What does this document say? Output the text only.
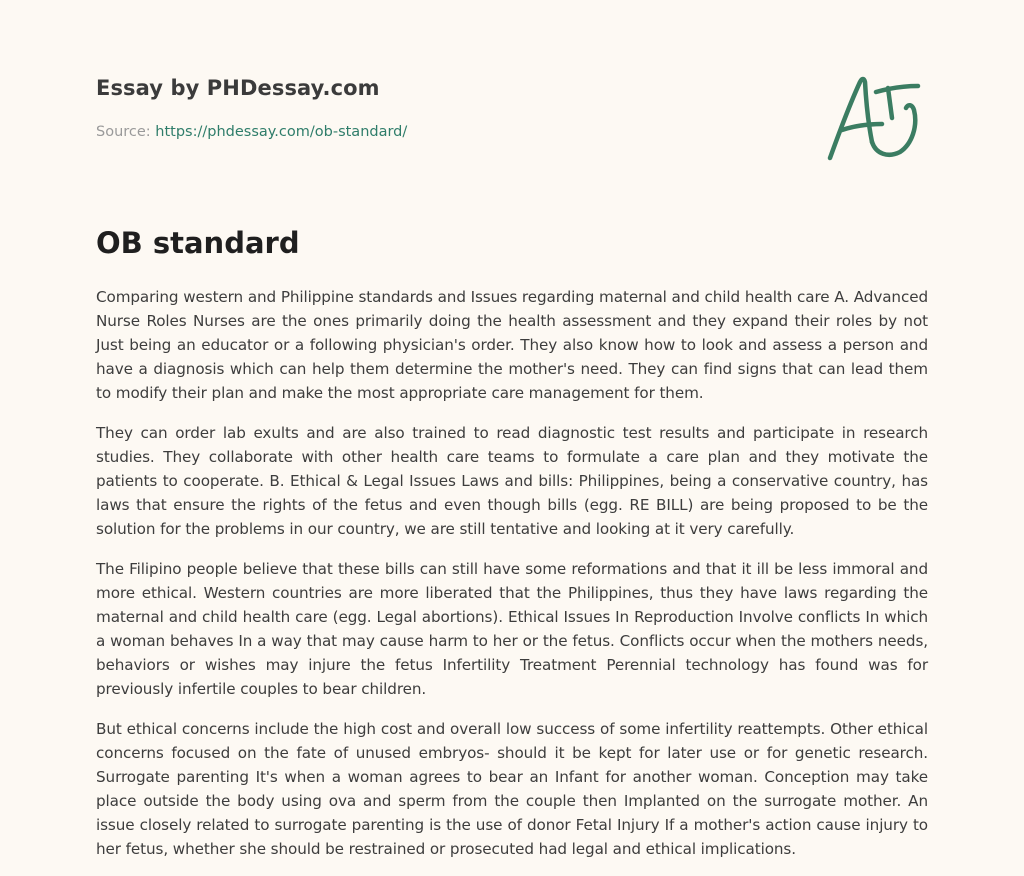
Essay by PHDessay.com

Source: https://phdessay.com/ob-standard/

OB standard

Comparing western and Philippine standards and Issues regarding maternal and child health care A. Advanced Nurse Roles Nurses are the ones primarily doing the health assessment and they expand their roles by not Just being an educator or a following physician's order. They also know how to look and assess a person and have a diagnosis which can help them determine the mother's need. They can find signs that can lead them to modify their plan and make the most appropriate care management for them.

They can order lab exults and are also trained to read diagnostic test results and participate in research studies. They collaborate with other health care teams to formulate a care plan and they motivate the patients to cooperate. B. Ethical & Legal Issues Laws and bills: Philippines, being a conservative country, has laws that ensure the rights of the fetus and even though bills (egg. RE BILL) are being proposed to be the solution for the problems in our country, we are still tentative and looking at it very carefully.

The Filipino people believe that these bills can still have some reformations and that it ill be less immoral and more ethical. Western countries are more liberated that the Philippines, thus they have laws regarding the maternal and child health care (egg. Legal abortions). Ethical Issues In Reproduction Involve conflicts In which a woman behaves In a way that may cause harm to her or the fetus. Conflicts occur when the mothers needs, behaviors or wishes may injure the fetus Infertility Treatment Perennial technology has found was for previously infertile couples to bear children.

But ethical concerns include the high cost and overall low success of some infertility reattempts. Other ethical concerns focused on the fate of unused embryos- should it be kept for later use or for genetic research. Surrogate parenting It's when a woman agrees to bear an Infant for another woman. Conception may take place outside the body using ova and sperm from the couple then Implanted on the surrogate mother. An issue closely related to surrogate parenting is the use of donor Fetal Injury If a mother's action cause injury to her fetus, whether she should be restrained or prosecuted had legal and ethical implications.
